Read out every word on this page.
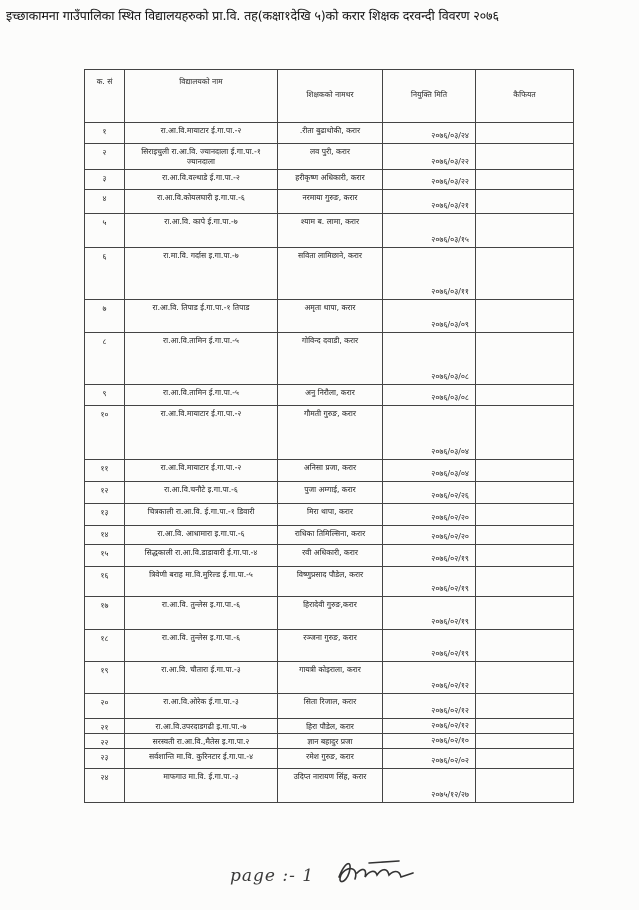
इच्छाकामना गाउँपालिका स्थित विद्यालयहरुको प्रा.वि. तह(कक्षा१देखि ५)को करार शिक्षक दरवन्दी विवरण २०७६
क. सं	विद्यालयको नाम	शिक्षकको नामथर	नियुक्ति मिति	कैफियत

१	रा.आ.वि.मायाटार ई.गा.पा.-२	.रीता बुढाथोकी, करार	२०७६/०३/२४	

२	सिराइचुली रा.आ.वि. ज्यानदाला ई.गा.पा.-१ ज्यानदाला	लव पुरी, करार	२०७६/०३/२२	

३	रा.आ.वि.वल्थाडे ई.गा.पा.-२	हरीकृष्ण अधिकारी, करार	२०७६/०३/२२	

४	रा.आ.वि.कोयलघारी इ.गा.पा.-६	नरमाया गुरुङ, करार	२०७६/०३/२१	

५	रा.आ.वि. कापे ई.गा.पा.-७	श्याम ब. लामा, करार	२०७६/०३/१५	

६	रा.मा.वि. गर्दास इ.गा.पा.-७	सविता लामिछाने, करार	२०७६/०३/११	

७	रा.आ.वि. तिपाड ई.गा.पा.-१ तिपाड	अमृता थापा, करार	२०७६/०३/०९	

८	रा.आ.वि.तामिन ई.गा.पा.-५	गोविन्द दवाडी, करार	२०७६/०३/०८	

९	रा.आ.वि.तामिन ई.गा.पा.-५	अनु निरौला, करार	२०७६/०३/०८	

१०	रा.आ.वि.मायाटार ई.गा.पा.-२	गौमती गुरुङ, करार	२०७६/०३/०४	

११	रा.आ.वि.मायाटार ई.गा.पा.-२	अनिसा प्रजा, करार	२०७६/०३/०४	

१२	रा.आ.वि.चनौटे इ.गा.पा.-६	पुजा अम्गाई, करार	२०७६/०२/२६	

१३	चित्रकाली रा.आ.वि. ई.गा.पा.-१ डिवारी	मिरा थापा, करार	२०७६/०२/२०	

१४	रा.आ.वि. आधामारा इ.गा.पा.-६	राधिका तिमिल्सिना, करार	२०७६/०२/२०	

१५	सिद्धकाली रा.आ.वि.डाडावारी ई.गा.पा.-४	रवी अधिकारी, करार	२०७६/०२/१९	

१६	त्रिवेणी बराह मा.वि.मुरिल्ड ई.गा.पा.-५	विष्णुप्रसाद पौडेल, करार	२०७६/०२/१९	

१७	रा.आ.वि. तुन्लेस इ.गा.पा.-६	हिरादेवी गुरुङ,करार	२०७६/०२/१९	

१८	रा.आ.वि. तुन्लेस इ.गा.पा.-६	रञ्जना गुरुङ, करार	२०७६/०२/१९	

१९	रा.आ.वि. चौतारा ई.गा.पा.-३	गायत्री कोइराला, करार	२०७६/०२/१२	

२०	रा.आ.वि.ओरेक ई.गा.पा.-३	सिता रिजाल, करार	२०७६/०२/१२	

२१	रा.आ.वि.उपरदाडगढी इ.गा.पा.-७	हिरा पौडेल, करार	२०७६/०२/१२	

२२	सरस्वती रा.आ.वि.,मैतेस इ.गा.पा.२	ज्ञान बहादुर प्रजा	२०७६/०२/१०	

२३	सर्वशान्ति मा.वि. कुरिनटार ई.गा.पा.-४	रमेश गुरुङ, करार	२०७६/०२/०२	

२४	माफगाउ मा.वि. ई.गा.पा.-३	उदिप्त नारायण सिंह, करार	२०७५/१२/२७	

page :- 1
